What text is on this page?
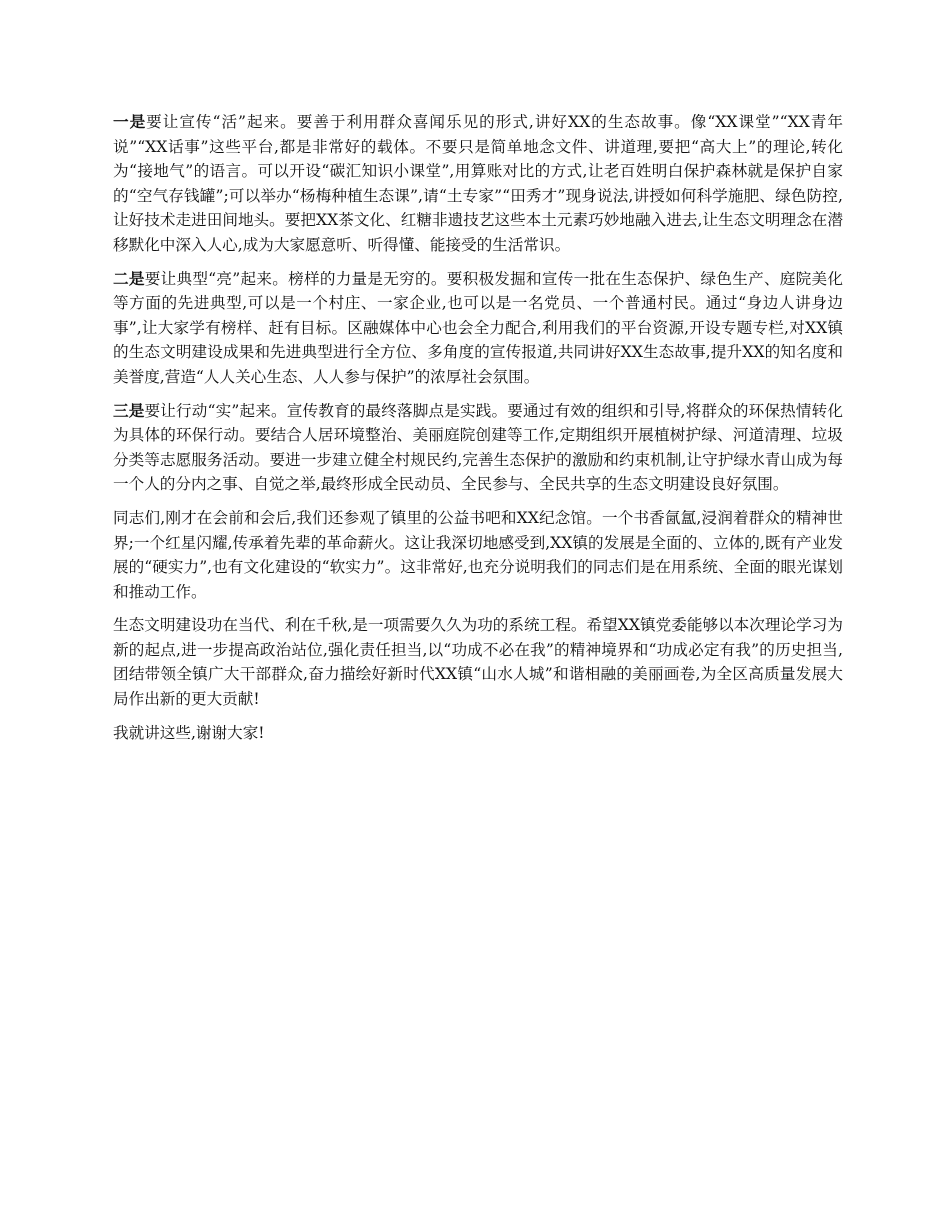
一是要让宣传“活”起来。要善于利用群众喜闻乐见的形式,讲好XX的生态故事。像“XX课堂”“XX青年说”“XX话事”这些平台,都是非常好的载体。不要只是简单地念文件、讲道理,要把“高大上”的理论,转化为“接地气”的语言。可以开设“碳汇知识小课堂”,用算账对比的方式,让老百姓明白保护森林就是保护自家的“空气存钱罐”;可以举办“杨梅种植生态课”,请“土专家”“田秀才”现身说法,讲授如何科学施肥、绿色防控,让好技术走进田间地头。要把XX茶文化、红糖非遗技艺这些本土元素巧妙地融入进去,让生态文明理念在潜移默化中深入人心,成为大家愿意听、听得懂、能接受的生活常识。

二是要让典型“亮”起来。榜样的力量是无穷的。要积极发掘和宣传一批在生态保护、绿色生产、庭院美化等方面的先进典型,可以是一个村庄、一家企业,也可以是一名党员、一个普通村民。通过“身边人讲身边事”,让大家学有榜样、赶有目标。区融媒体中心也会全力配合,利用我们的平台资源,开设专题专栏,对XX镇的生态文明建设成果和先进典型进行全方位、多角度的宣传报道,共同讲好XX生态故事,提升XX的知名度和美誉度,营造“人人关心生态、人人参与保护”的浓厚社会氛围。

三是要让行动“实”起来。宣传教育的最终落脚点是实践。要通过有效的组织和引导,将群众的环保热情转化为具体的环保行动。要结合人居环境整治、美丽庭院创建等工作,定期组织开展植树护绿、河道清理、垃圾分类等志愿服务活动。要进一步建立健全村规民约,完善生态保护的激励和约束机制,让守护绿水青山成为每一个人的分内之事、自觉之举,最终形成全民动员、全民参与、全民共享的生态文明建设良好氛围。

同志们,刚才在会前和会后,我们还参观了镇里的公益书吧和XX纪念馆。一个书香氤氲,浸润着群众的精神世界;一个红星闪耀,传承着先辈的革命薪火。这让我深切地感受到,XX镇的发展是全面的、立体的,既有产业发展的“硬实力”,也有文化建设的“软实力”。这非常好,也充分说明我们的同志们是在用系统、全面的眼光谋划和推动工作。

生态文明建设功在当代、利在千秋,是一项需要久久为功的系统工程。希望XX镇党委能够以本次理论学习为新的起点,进一步提高政治站位,强化责任担当,以“功成不必在我”的精神境界和“功成必定有我”的历史担当,团结带领全镇广大干部群众,奋力描绘好新时代XX镇“山水人城”和谐相融的美丽画卷,为全区高质量发展大局作出新的更大贡献!

我就讲这些,谢谢大家!
